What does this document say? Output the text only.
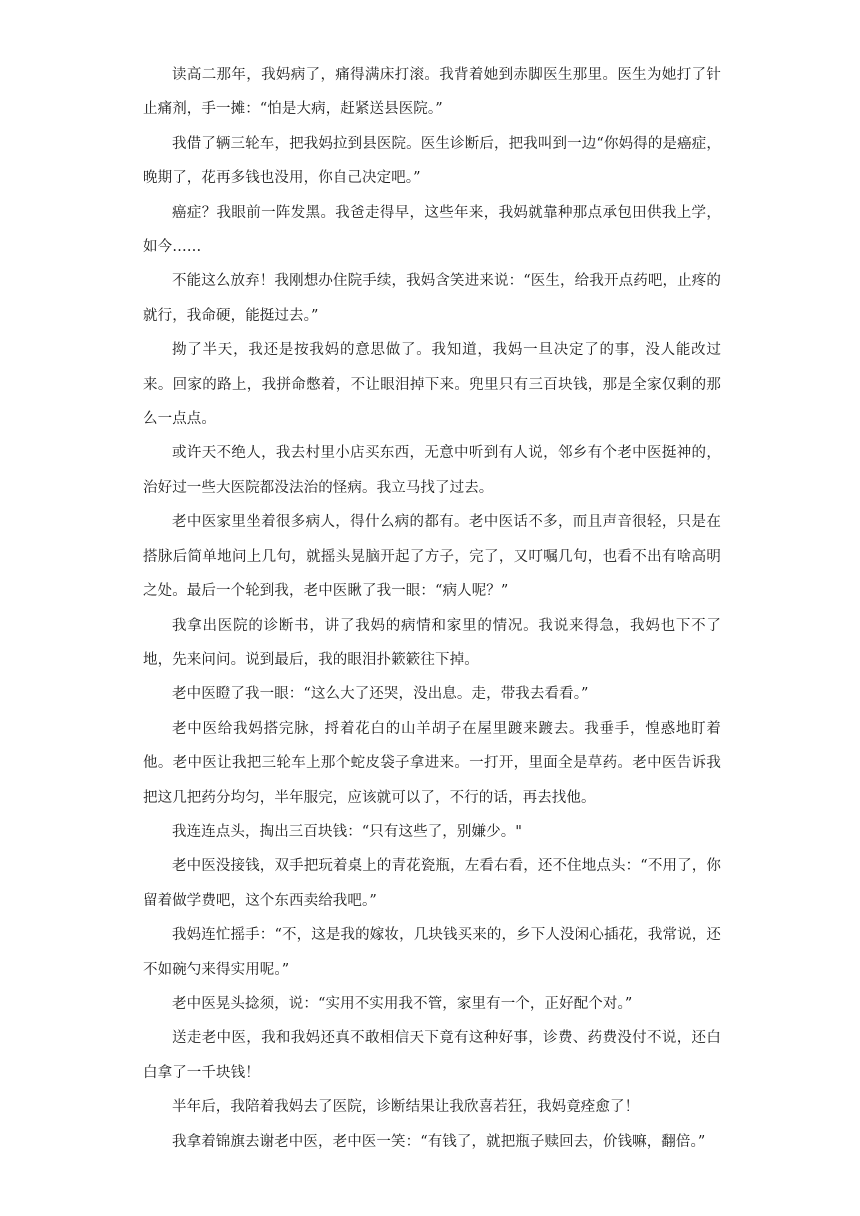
读高二那年，我妈病了，痛得满床打滚。我背着她到赤脚医生那里。医生为她打了针止痛剂，手一摊：“怕是大病，赶紧送县医院。”

我借了辆三轮车，把我妈拉到县医院。医生诊断后，把我叫到一边“你妈得的是癌症，晚期了，花再多钱也没用，你自己决定吧。”

癌症？我眼前一阵发黑。我爸走得早，这些年来，我妈就靠种那点承包田供我上学，如今……

不能这么放弃！我刚想办住院手续，我妈含笑进来说：“医生，给我开点药吧，止疼的就行，我命硬，能挺过去。”

拗了半天，我还是按我妈的意思做了。我知道，我妈一旦决定了的事，没人能改过来。回家的路上，我拼命憋着，不让眼泪掉下来。兜里只有三百块钱，那是全家仅剩的那么一点点。

或许天不绝人，我去村里小店买东西，无意中听到有人说，邻乡有个老中医挺神的，治好过一些大医院都没法治的怪病。我立马找了过去。

老中医家里坐着很多病人，得什么病的都有。老中医话不多，而且声音很轻，只是在搭脉后简单地问上几句，就摇头晃脑开起了方子，完了，又叮嘱几句，也看不出有啥高明之处。最后一个轮到我，老中医瞅了我一眼：“病人呢？”

我拿出医院的诊断书，讲了我妈的病情和家里的情况。我说来得急，我妈也下不了地，先来问问。说到最后，我的眼泪扑簌簌往下掉。

老中医瞪了我一眼：“这么大了还哭，没出息。走，带我去看看。”

老中医给我妈搭完脉，捋着花白的山羊胡子在屋里踱来踱去。我垂手，惶惑地盯着他。老中医让我把三轮车上那个蛇皮袋子拿进来。一打开，里面全是草药。老中医告诉我把这几把药分均匀，半年服完，应该就可以了，不行的话，再去找他。

我连连点头，掏出三百块钱：“只有这些了，别嫌少。"

老中医没接钱，双手把玩着桌上的青花瓷瓶，左看右看，还不住地点头：“不用了，你留着做学费吧，这个东西卖给我吧。”

我妈连忙摇手：“不，这是我的嫁妆，几块钱买来的，乡下人没闲心插花，我常说，还不如碗勺来得实用呢。”

老中医晃头捻须，说：“实用不实用我不管，家里有一个，正好配个对。”

送走老中医，我和我妈还真不敢相信天下竟有这种好事，诊费、药费没付不说，还白白拿了一千块钱！

半年后，我陪着我妈去了医院，诊断结果让我欣喜若狂，我妈竟痊愈了！

我拿着锦旗去谢老中医，老中医一笑：“有钱了，就把瓶子赎回去，价钱嘛，翻倍。”
